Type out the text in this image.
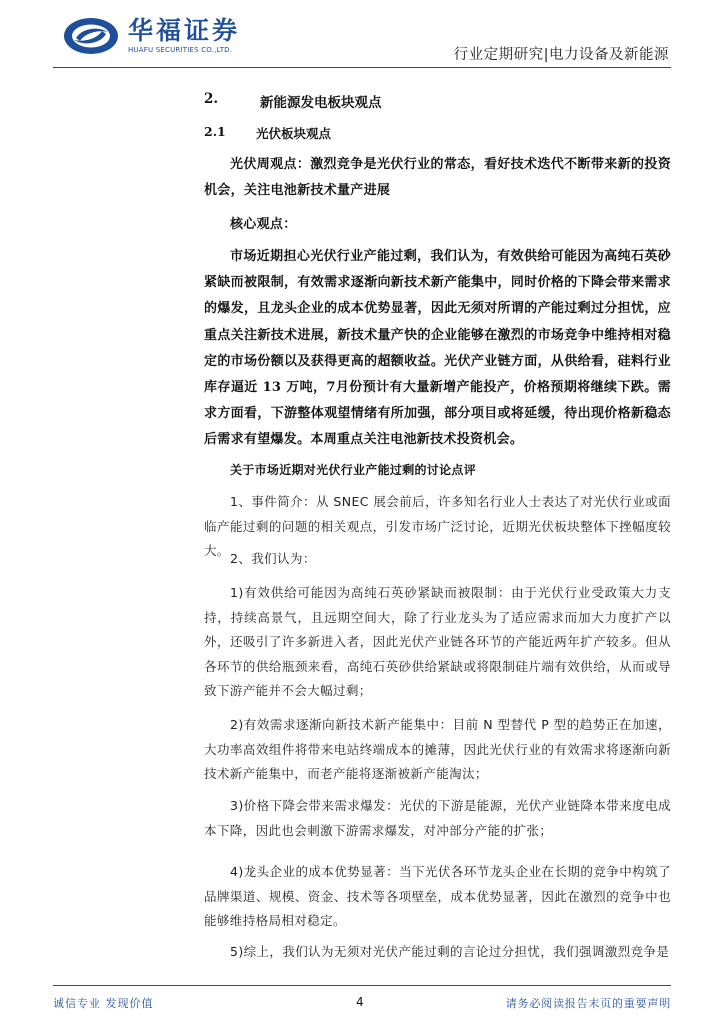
华福证券
HUAFU SECURITIES CO.,LTD.	行业定期研究|电力设备及新能源
2.	新能源发电板块观点
2.1 光伏板块观点
光伏周观点：激烈竞争是光伏行业的常态，看好技术迭代不断带来新的投资机会，关注电池新技术量产进展
核心观点：
市场近期担心光伏行业产能过剩，我们认为，有效供给可能因为高纯石英砂紧缺而被限制，有效需求逐渐向新技术新产能集中，同时价格的下降会带来需求的爆发，且龙头企业的成本优势显著，因此无须对所谓的产能过剩过分担忧，应重点关注新技术进展，新技术量产快的企业能够在激烈的市场竞争中维持相对稳定的市场份额以及获得更高的超额收益。光伏产业链方面，从供给看，硅料行业库存逼近 13 万吨，7月份预计有大量新增产能投产，价格预期将继续下跌。需求方面看，下游整体观望情绪有所加强，部分项目或将延缓，待出现价格新稳态后需求有望爆发。本周重点关注电池新技术投资机会。
关于市场近期对光伏行业产能过剩的讨论点评
1、事件简介：从 SNEC 展会前后，许多知名行业人士表达了对光伏行业或面临产能过剩的问题的相关观点，引发市场广泛讨论，近期光伏板块整体下挫幅度较大。
2、我们认为：
1)有效供给可能因为高纯石英砂紧缺而被限制：由于光伏行业受政策大力支持，持续高景气，且远期空间大，除了行业龙头为了适应需求而加大力度扩产以外，还吸引了许多新进入者，因此光伏产业链各环节的产能近两年扩产较多。但从各环节的供给瓶颈来看，高纯石英砂供给紧缺或将限制硅片端有效供给，从而或导致下游产能并不会大幅过剩；
2)有效需求逐渐向新技术新产能集中：目前 N 型替代 P 型的趋势正在加速，大功率高效组件将带来电站终端成本的摊薄，因此光伏行业的有效需求将逐渐向新技术新产能集中，而老产能将逐渐被新产能淘汰；
3)价格下降会带来需求爆发：光伏的下游是能源，光伏产业链降本带来度电成本下降，因此也会刺激下游需求爆发，对冲部分产能的扩张；
4)龙头企业的成本优势显著：当下光伏各环节龙头企业在长期的竞争中构筑了品牌渠道、规模、资金、技术等各项壁垒，成本优势显著，因此在激烈的竞争中也能够维持格局相对稳定。
5)综上，我们认为无须对光伏产能过剩的言论过分担忧，我们强调激烈竞争是
诚信专业 发现价值	4	请务必阅读报告末页的重要声明
